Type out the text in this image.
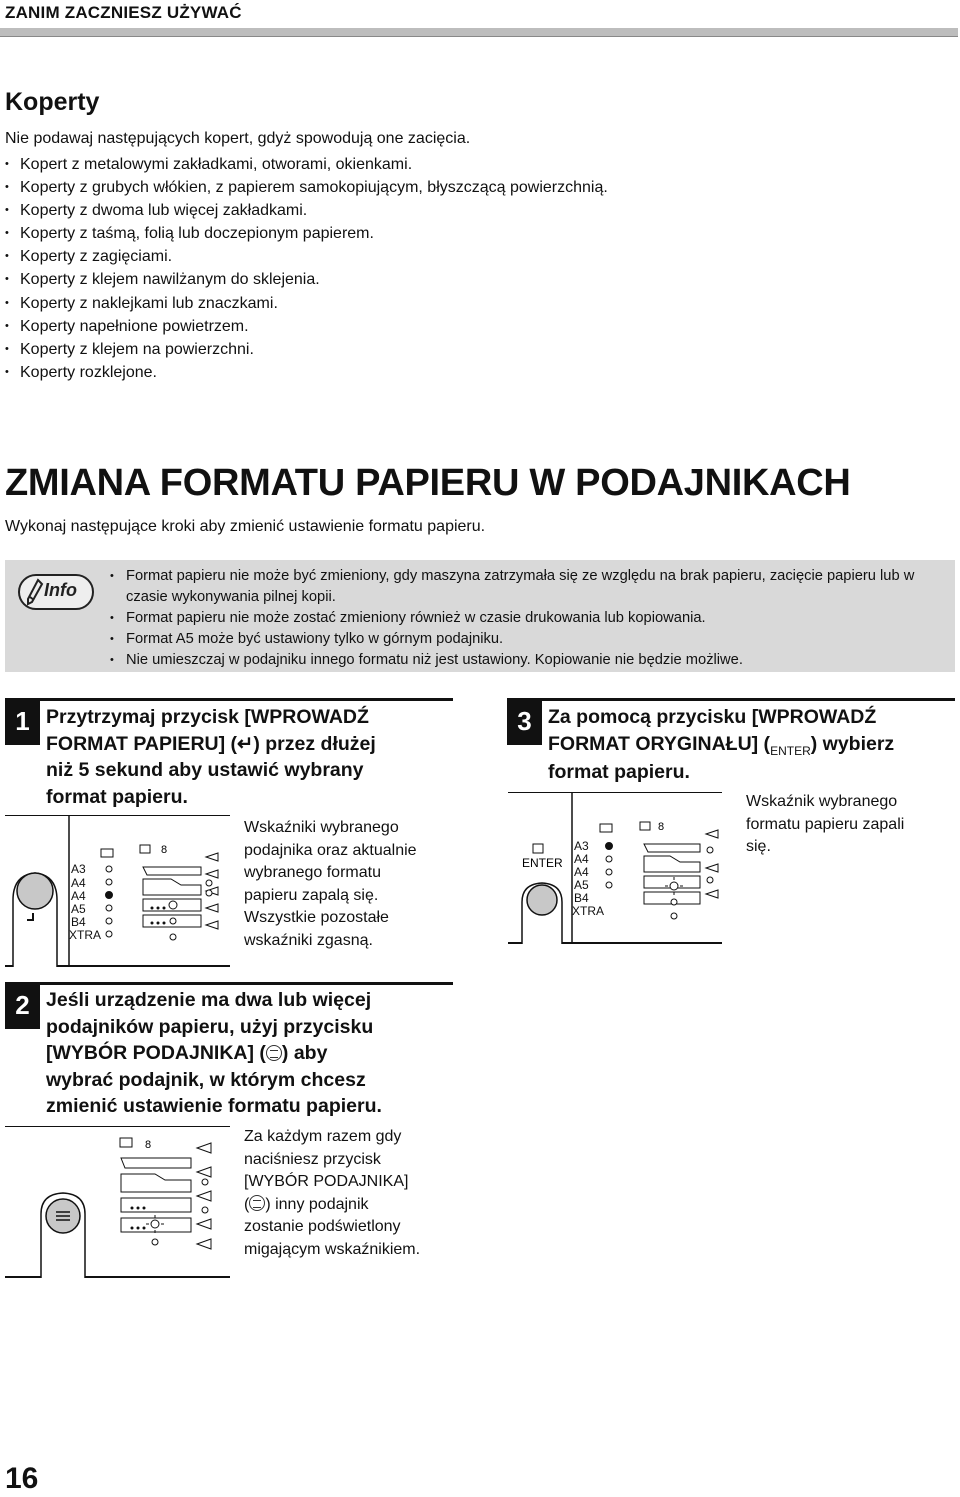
ZANIM ZACZNIESZ UŻYWAĆ
Koperty
Nie podawaj następujących kopert, gdyż spowodują one zacięcia.
• Kopert z metalowymi zakładkami, otworami, okienkami.
• Koperty z grubych włókien, z papierem samokopiującym, błyszczącą powierzchnią.
• Koperty z dwoma lub więcej zakładkami.
• Koperty z taśmą, folią lub doczepionym papierem.
• Koperty z zagięciami.
• Koperty z klejem nawilżanym do sklejenia.
• Koperty z naklejkami lub znaczkami.
• Koperty napełnione powietrzem.
• Koperty z klejem na powierzchni.
• Koperty rozklejone.
ZMIANA FORMATU PAPIERU W PODAJNIKACH
Wykonaj następujące kroki aby zmienić ustawienie formatu papieru.
Info
• Format papieru nie może być zmieniony, gdy maszyna zatrzymała się ze względu na brak papieru, zacięcie papieru lub w czasie wykonywania pilnej kopii.
• Format papieru nie może zostać zmieniony również w czasie drukowania lub kopiowania.
• Format A5 może być ustawiony tylko w górnym podajniku.
• Nie umieszczaj w podajniku innego formatu niż jest ustawiony. Kopiowanie nie będzie możliwe.
1 Przytrzymaj przycisk [WPROWADŹ
FORMAT PAPIERU] (↵) przez dłużej
niż 5 sekund aby ustawić wybrany
format papieru.
A3
A4
A4
A5
B4
XTRA
8
Wskaźniki wybranego
podajnika oraz aktualnie
wybranego formatu
papieru zapalą się.
Wszystkie pozostałe
wskaźniki zgasną.
2 Jeśli urządzenie ma dwa lub więcej
podajników papieru, użyj przycisku
[WYBÓR PODAJNIKA] ( ) aby
wybrać podajnik, w którym chcesz
zmienić ustawienie formatu papieru.
8	Za każdym razem gdy
naciśniesz przycisk
[WYBÓR PODAJNIKA]
( ) inny podajnik
zostanie podświetlony
migającym wskaźnikiem.
3 Za pomocą przycisku [WPROWADŹ
FORMAT ORYGINAŁU] (ENTER) wybierz
format papieru.
ENTER
A3
A4
A4
A5
B4
XTRA
8
Wskaźnik wybranego
formatu papieru zapali
się.
16
